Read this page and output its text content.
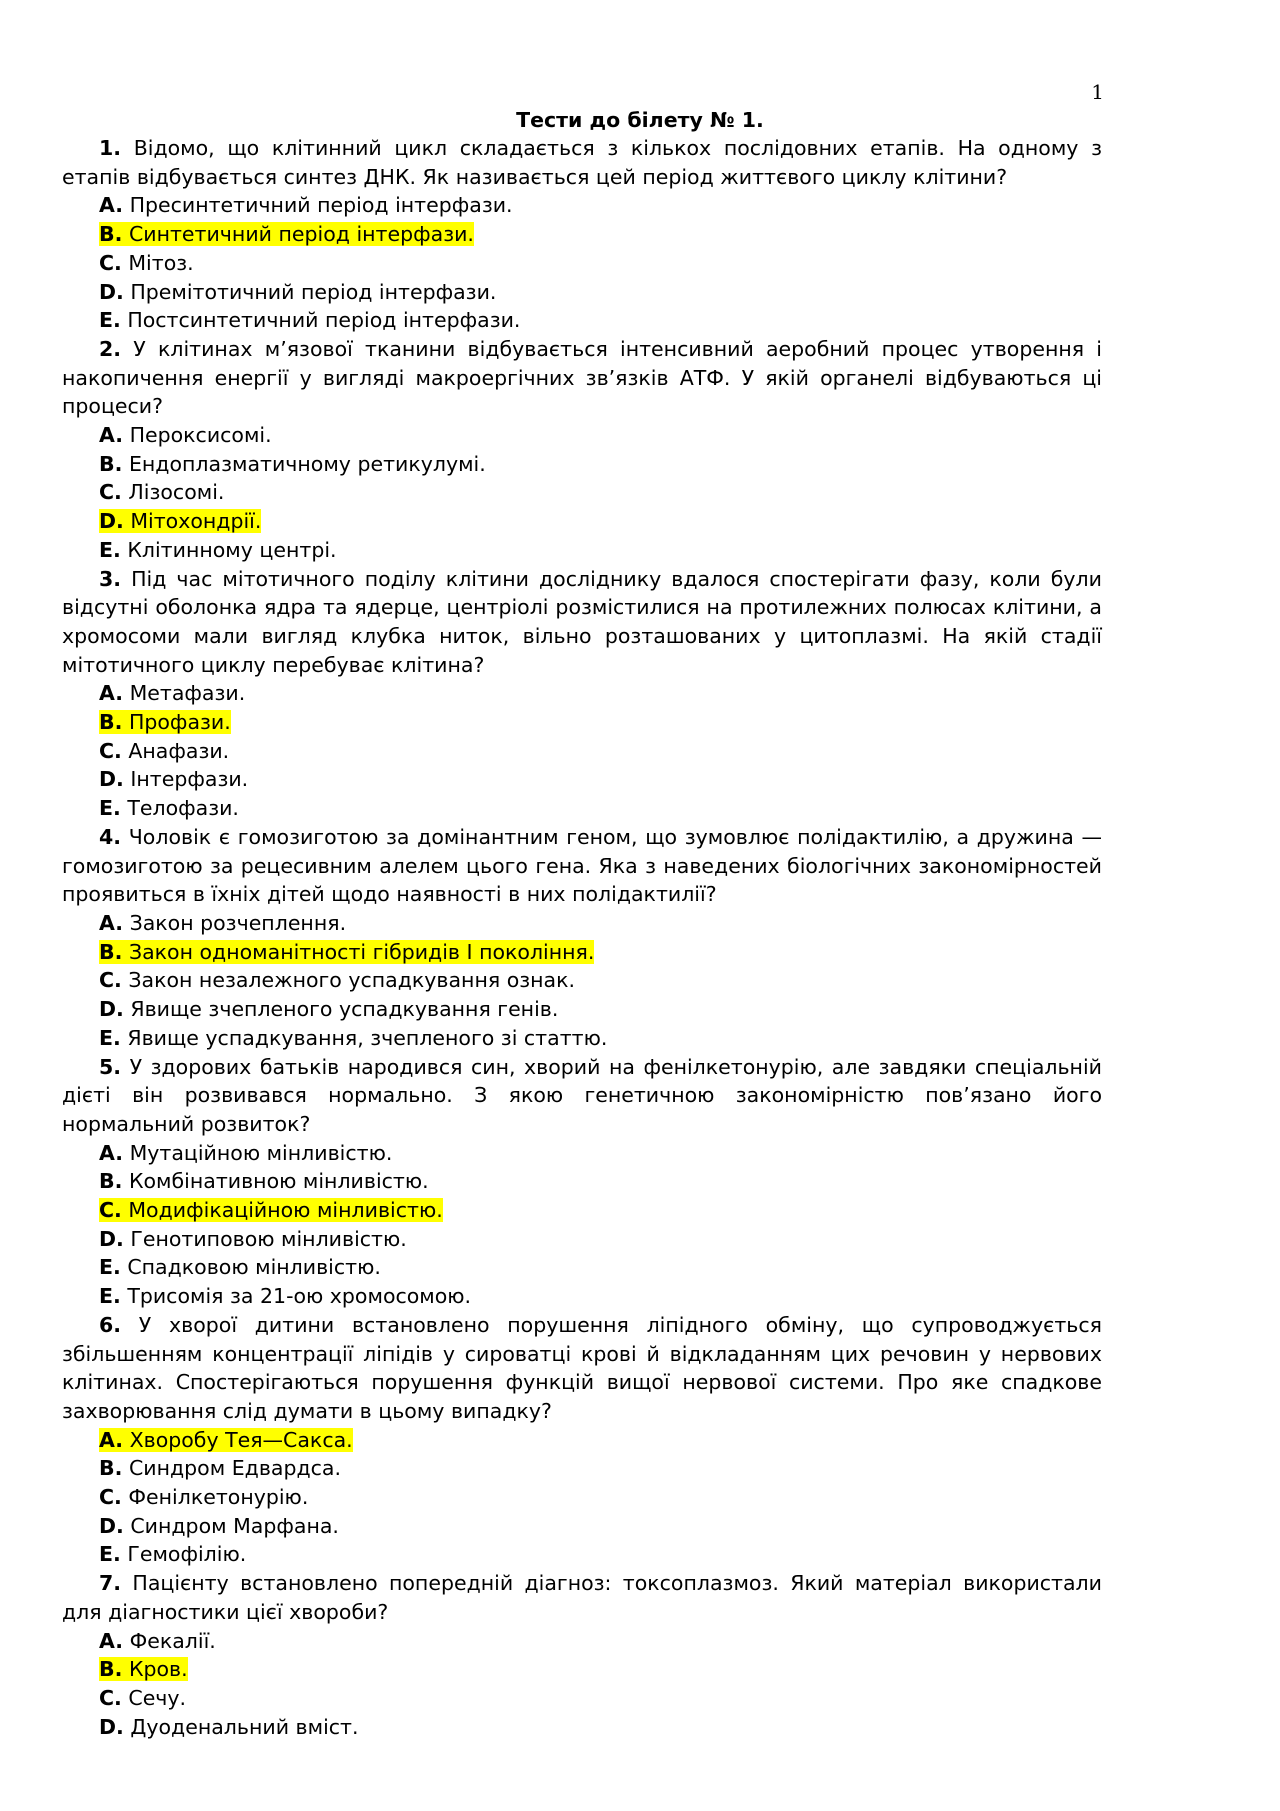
1
Тести до білету № 1.

1. Відомо, що клітинний цикл складається з кількох послідовних етапів. На одному з етапів відбувається синтез ДНК. Як називається цей період життєвого циклу клітини?

A. Пресинтетичний період інтерфази.

B. Синтетичний період інтерфази.

C. Мітоз.

D. Премітотичний період інтерфази.

E. Постсинтетичний період інтерфази.

2. У клітинах м’язової тканини відбувається інтенсивний аеробний процес утворення і накопичення енергії у вигляді макроергічних зв’язків АТФ. У якій органелі відбуваються ці процеси?

A. Пероксисомі.

B. Ендоплазматичному ретикулумі.

C. Лізосомі.

D. Мітохондрії.

E. Клітинному центрі.

3. Під час мітотичного поділу клітини досліднику вдалося спостерігати фазу, коли були відсутні оболонка ядра та ядерце, центріолі розмістилися на протилежних полюсах клітини, а хромосоми мали вигляд клубка ниток, вільно розташованих у цитоплазмі. На якій стадії мітотичного циклу перебуває клітина?

A. Метафази.

B. Профази.

C. Анафази.

D. Інтерфази.

E. Телофази.

4. Чоловік є гомозиготою за домінантним геном, що зумовлює полідактилію, а дружина — гомозиготою за рецесивним алелем цього гена. Яка з наведених біологічних закономірностей проявиться в їхніх дітей щодо наявності в них полідактилії?

A. Закон розчеплення.

B. Закон одноманітності гібридів I покоління.

C. Закон незалежного успадкування ознак.

D. Явище зчепленого успадкування генів.

E. Явище успадкування, зчепленого зі статтю.

5. У здорових батьків народився син, хворий на фенілкетонурію, але завдяки спеціальній дієті він розвивався нормально. З якою генетичною закономірністю пов’язано його нормальний розвиток?

A. Мутаційною мінливістю.

B. Комбінативною мінливістю.

C. Модифікаційною мінливістю.

D. Генотиповою мінливістю.

E. Спадковою мінливістю.

E. Трисомія за 21-ою хромосомою.

6. У хворої дитини встановлено порушення ліпідного обміну, що супроводжується збільшенням концентрації ліпідів у сироватці крові й відкладанням цих речовин у нервових клітинах. Спостерігаються порушення функцій вищої нервової системи. Про яке спадкове захворювання слід думати в цьому випадку?

A. Хворобу Тея—Сакса.

B. Синдром Едвардса.

C. Фенілкетонурію.

D. Синдром Марфана.

E. Гемофілію.

7. Пацієнту встановлено попередній діагноз: токсоплазмоз. Який матеріал використали для діагностики цієї хвороби?

A. Фекалії.

B. Кров.

C. Сечу.

D. Дуоденальний вміст.
